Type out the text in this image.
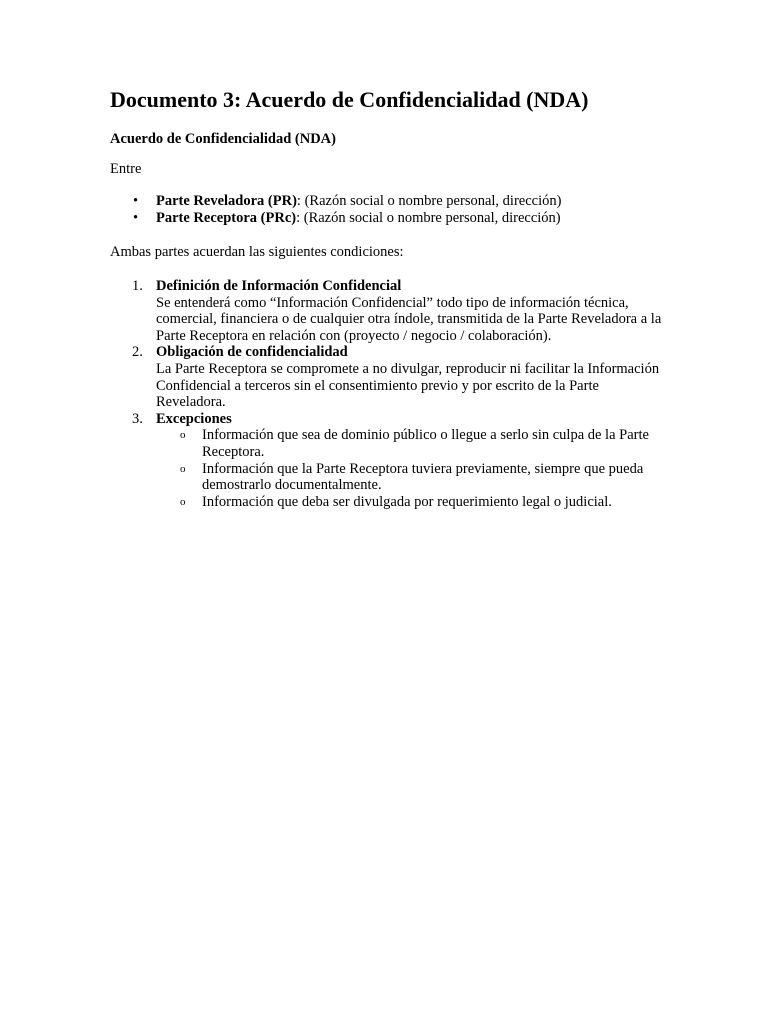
Documento 3: Acuerdo de Confidencialidad (NDA)
Acuerdo de Confidencialidad (NDA)

Entre

• Parte Reveladora (PR): (Razón social o nombre personal, dirección)
• Parte Receptora (PRc): (Razón social o nombre personal, dirección)

Ambas partes acuerdan las siguientes condiciones:

1. Definición de Información Confidencial
Se entenderá como “Información Confidencial” todo tipo de información técnica, comercial, financiera o de cualquier otra índole, transmitida de la Parte Reveladora a la Parte Receptora en relación con (proyecto / negocio / colaboración).
2. Obligación de confidencialidad
La Parte Receptora se compromete a no divulgar, reproducir ni facilitar la Información Confidencial a terceros sin el consentimiento previo y por escrito de la Parte Reveladora.
3. Excepciones
o Información que sea de dominio público o llegue a serlo sin culpa de la Parte Receptora.
o Información que la Parte Receptora tuviera previamente, siempre que pueda demostrarlo documentalmente.
o Información que deba ser divulgada por requerimiento legal o judicial.
